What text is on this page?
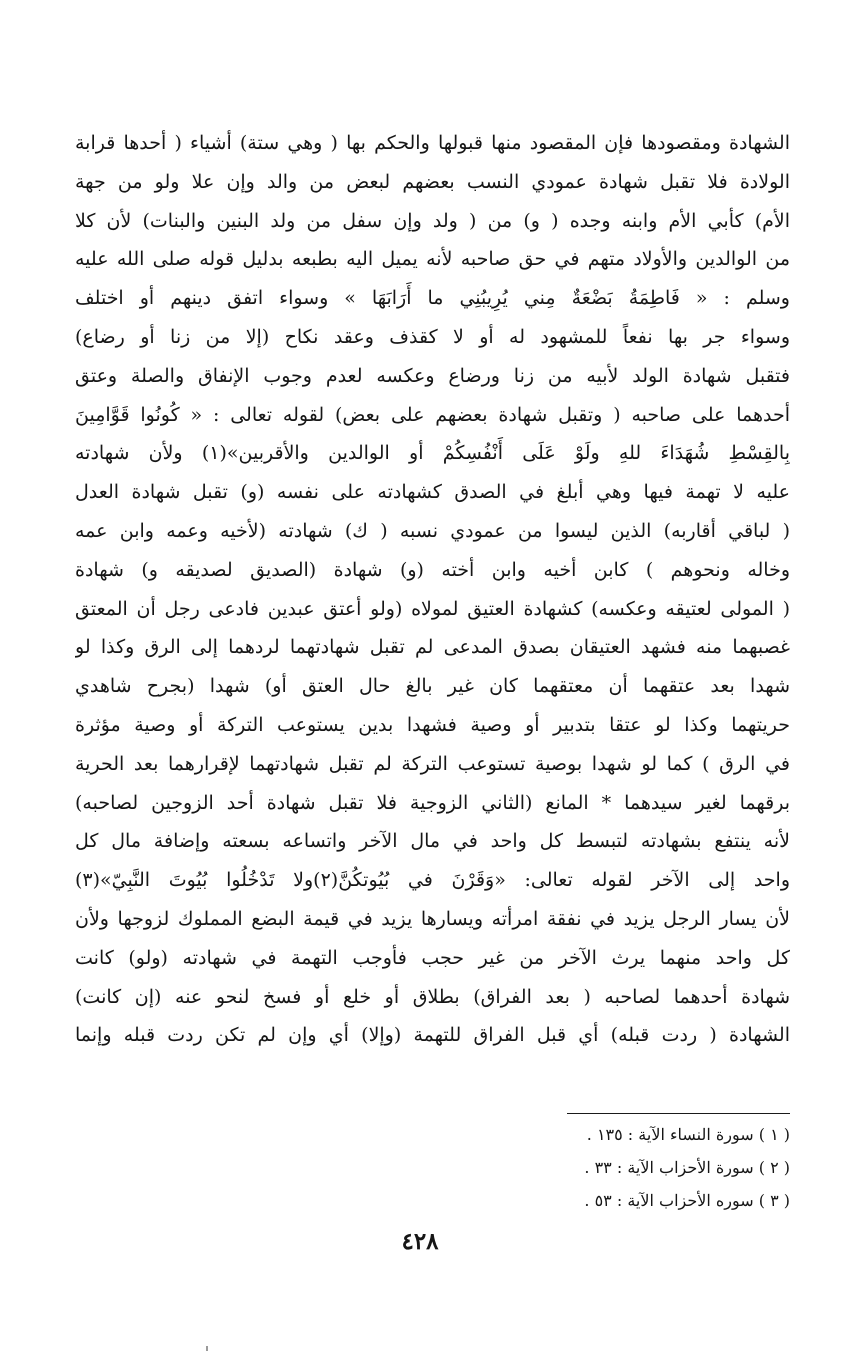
الشهادة ومقصودها فإن المقصود منها قبولها والحكم بها ( وهي ستة) أشياء ( أحدها قرابة
الولادة فلا تقبل شهادة عمودي النسب بعضهم لبعض من والد وإن علا ولو من جهة
الأم) كأبي الأم وابنه وجده ( و) من ( ولد وإن سفل من ولد البنين والبنات) لأن كلا
من الوالدين والأولاد متهم في حق صاحبه لأنه يميل اليه بطبعه بدليل قوله صلى الله عليه
وسلم : « فَاطِمَةُ بَضْعَةٌ مِني يُرِيبُنِي ما أَرَابَهَا » وسواء اتفق دينهم أو اختلف
وسواء جر بها نفعاً للمشهود له أو لا كقذف وعقد نكاح (إلا من زنا أو رضاع)
فتقبل شهادة الولد لأبيه من زنا ورضاع وعكسه لعدم وجوب الإنفاق والصلة وعتق
أحدهما على صاحبه ( وتقبل شهادة بعضهم على بعض) لقوله تعالى : « كُونُوا قَوَّامِينَ
بِالقِسْطِ شُهَدَاءَ للهِ ولَوْ عَلَى أَنْفُسِكُمْ أو الوالدين والأقربين»(١) ولأن شهادته
عليه لا تهمة فيها وهي أبلغ في الصدق كشهادته على نفسه (و) تقبل شهادة العدل
( لباقي أقاربه) الذين ليسوا من عمودي نسبه ( ك) شهادته (لأخيه وعمه وابن عمه
وخاله ونحوهم ) كابن أخيه وابن أخته (و) شهادة (الصديق لصديقه و) شهادة
( المولى لعتيقه وعكسه) كشهادة العتيق لمولاه (ولو أعتق عبدين فادعى رجل أن المعتق
غصبهما منه فشهد العتيقان بصدق المدعى لم تقبل شهادتهما لردهما إلى الرق وكذا لو
شهدا بعد عتقهما أن معتقهما كان غير بالغ حال العتق أو) شهدا (بجرح شاهدي
حريتهما وكذا لو عتقا بتدبير أو وصية فشهدا بدين يستوعب التركة أو وصية مؤثرة
في الرق ) كما لو شهدا بوصية تستوعب التركة لم تقبل شهادتهما لإقرارهما بعد الحرية
برقهما لغير سيدهما * المانع (الثاني الزوجية فلا تقبل شهادة أحد الزوجين لصاحبه)
لأنه ينتفع بشهادته لتبسط كل واحد في مال الآخر واتساعه بسعته وإضافة مال كل
واحد إلى الآخر لقوله تعالى: «وَقَرْنَ في بُيُوتكُنَّ(٢)ولا تَدْخُلُوا بُيُوتَ النَّبِيّ»(٣)
لأن يسار الرجل يزيد في نفقة امرأته ويسارها يزيد في قيمة البضع المملوك لزوجها ولأن
كل واحد منهما يرث الآخر من غير حجب فأوجب التهمة في شهادته (ولو) كانت
شهادة أحدهما لصاحبه ( بعد الفراق) بطلاق أو خلع أو فسخ لنحو عنه (إن كانت)
الشهادة ( ردت قبله) أي قبل الفراق للتهمة (وإلا) أي وإن لم تكن ردت قبله وإنما
( ١ ) سورة النساء الآية : ١٣٥ .
( ٢ ) سورة الأحزاب الآية : ٣٣ .
( ٣ ) سوره الأحزاب الآية : ٥٣ .
٤٢٨
